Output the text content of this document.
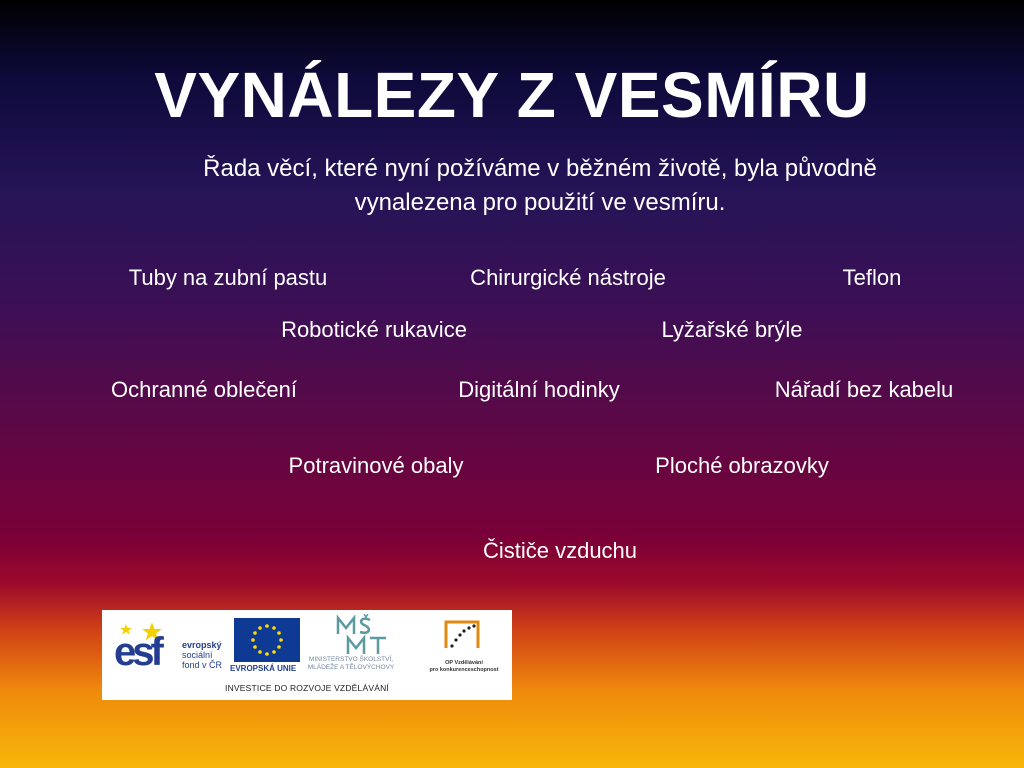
VYNÁLEZY Z VESMÍRU
Řada věcí, které nyní požíváme v běžném životě, byla původně
vynalezena pro použití ve vesmíru.
Tuby na zubní pastu	Chirurgické nástroje	Teflon
Robotické rukavice	Lyžařské brýle
Ochranné oblečení	Digitální hodinky	Nářadí bez kabelu
Potravinové obaly	Ploché obrazovky
Čističe vzduchu
esf evropský
sociální
fond v ČR EVROPSKÁ UNIE
MINISTERSTVO ŠKOLSTVÍ,
MLÁDEŽE A TĚLOVÝCHOVY
OP Vzdělávání
pro konkurenceschopnost
INVESTICE DO ROZVOJE VZDĚLÁVÁNÍ
